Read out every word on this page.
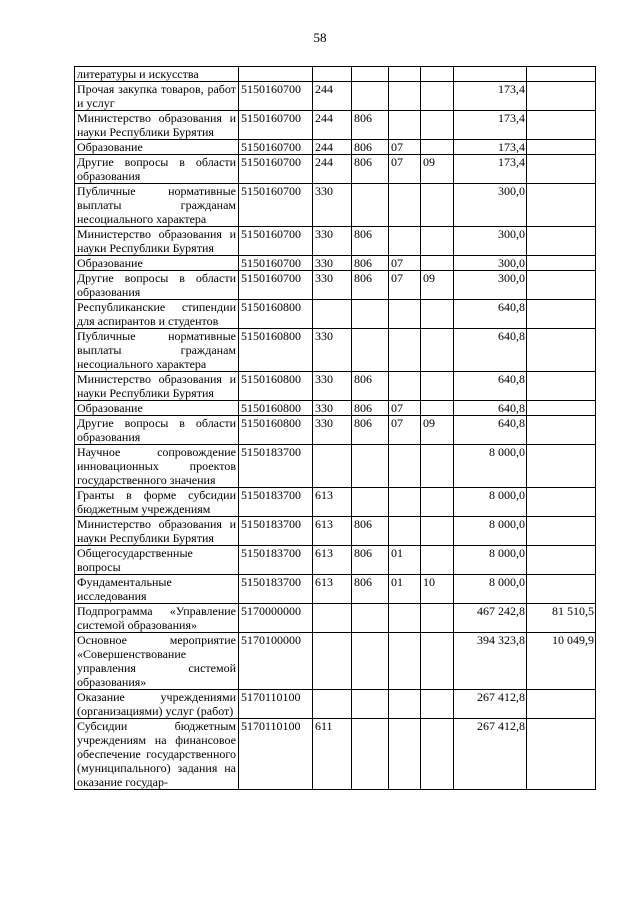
58
литературы и искусства							
Прочая закупка товаров, работ и услуг	5150160700	244				173,4	
Министерство образования и науки Республики Бурятия	5150160700	244	806			173,4	
Образование	5150160700	244	806	07		173,4	
Другие вопросы в области образования	5150160700	244	806	07	09	173,4	
Публичные нормативные выплаты гражданам несоциального характера	5150160700	330				300,0	
Министерство образования и науки Республики Бурятия	5150160700	330	806			300,0	
Образование	5150160700	330	806	07		300,0	
Другие вопросы в области образования	5150160700	330	806	07	09	300,0	
Республиканские стипендии для аспирантов и студентов	5150160800					640,8	
Публичные нормативные выплаты гражданам несоциального характера	5150160800	330				640,8	
Министерство образования и науки Республики Бурятия	5150160800	330	806			640,8	
Образование	5150160800	330	806	07		640,8	
Другие вопросы в области образования	5150160800	330	806	07	09	640,8	
Научное сопровождение инновационных проектов государственного значения	5150183700					8 000,0	
Гранты в форме субсидии бюджетным учреждениям	5150183700	613				8 000,0	
Министерство образования и науки Республики Бурятия	5150183700	613	806			8 000,0	
Общегосударственные вопросы	5150183700	613	806	01		8 000,0	
Фундаментальные исследования	5150183700	613	806	01	10	8 000,0	
Подпрограмма «Управление системой образования»	5170000000					467 242,8	81 510,5
Основное мероприятие «Совершенствование управления системой образования»	5170100000					394 323,8	10 049,9
Оказание учреждениями (организациями) услуг (работ)	5170110100					267 412,8	
Субсидии бюджетным учреждениям на финансовое обеспечение государственного (муниципального) задания на оказание государ-	5170110100	611				267 412,8	
